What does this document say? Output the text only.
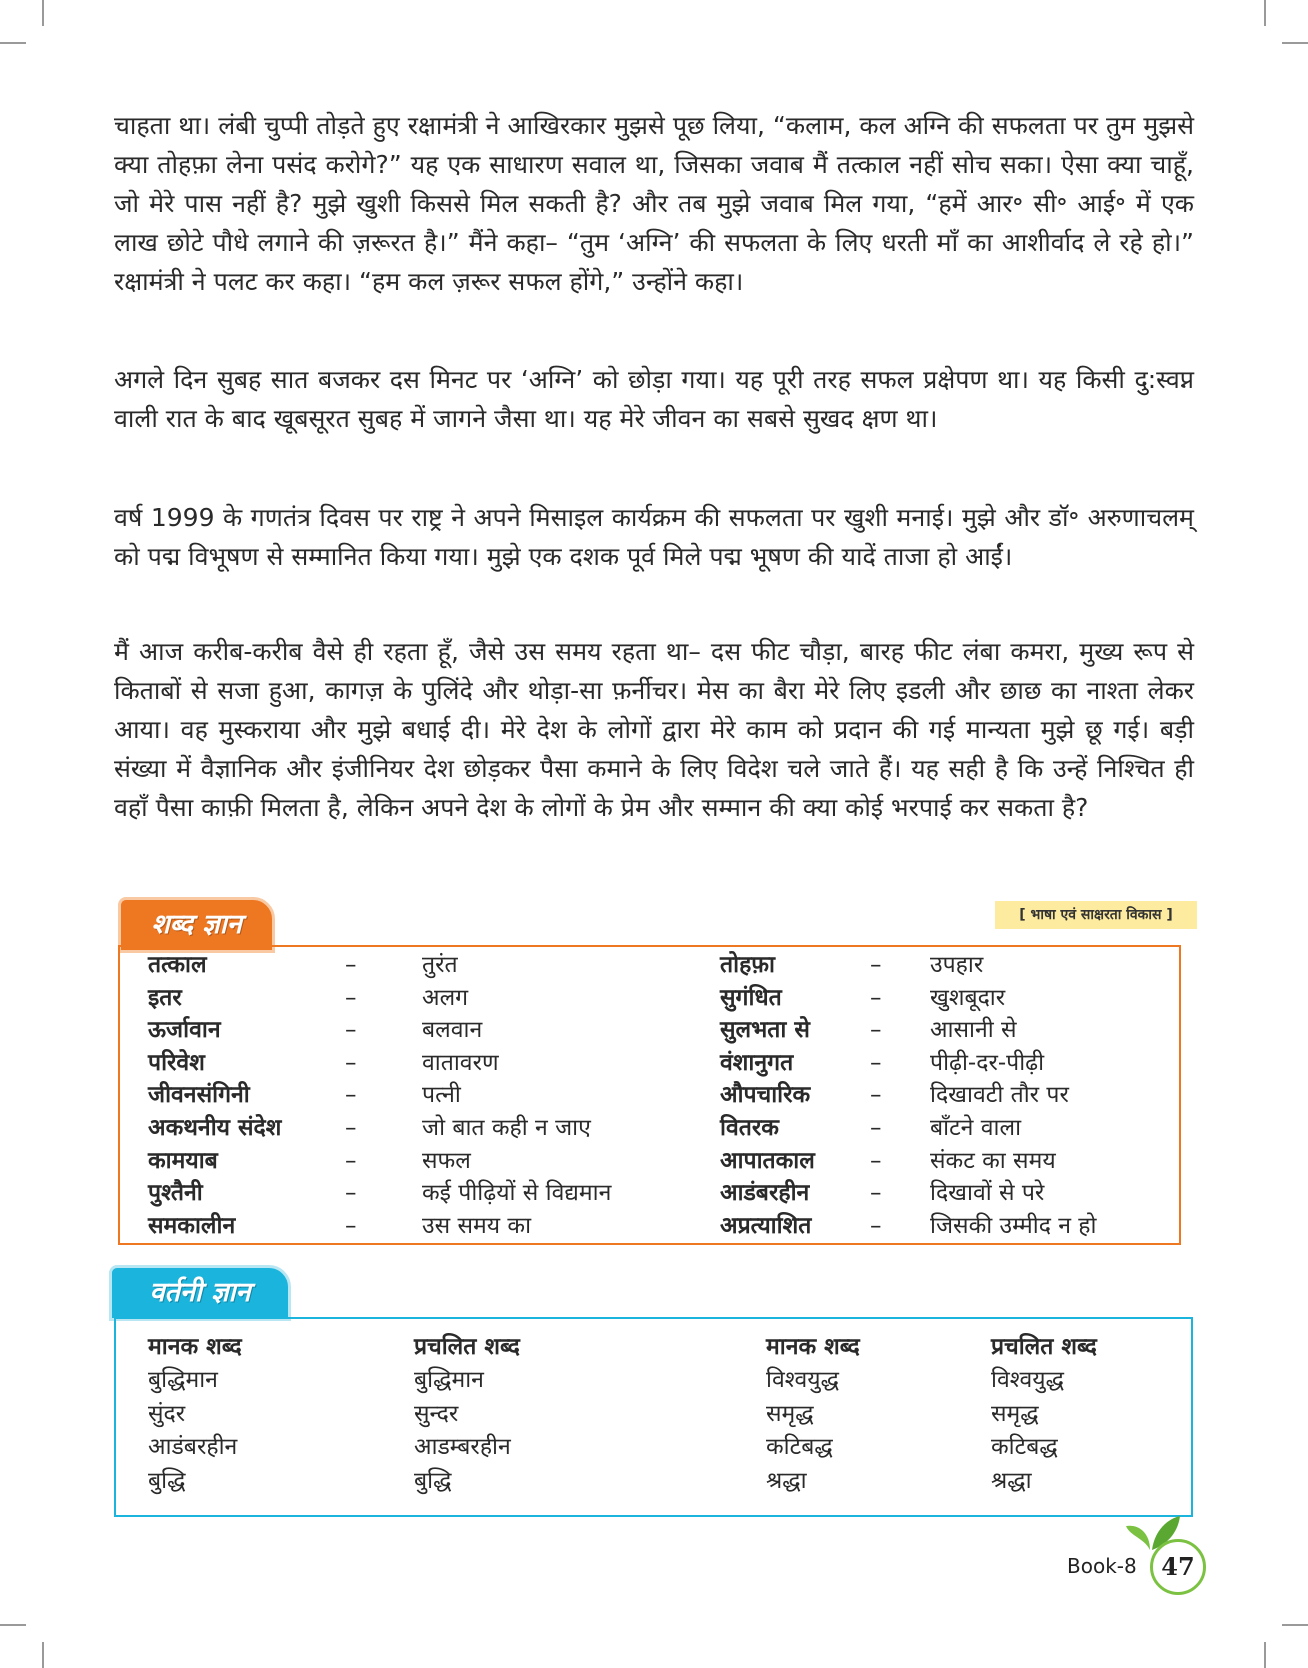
चाहता था। लंबी चुप्पी तोड़ते हुए रक्षामंत्री ने आखिरकार मुझसे पूछ लिया, “कलाम, कल अग्नि की सफलता पर तुम मुझसे क्या तोहफ़ा लेना पसंद करोगे?” यह एक साधारण सवाल था, जिसका जवाब मैं तत्काल नहीं सोच सका। ऐसा क्या चाहूँ, जो मेरे पास नहीं है? मुझे खुशी किससे मिल सकती है? और तब मुझे जवाब मिल गया, “हमें आर॰ सी॰ आई॰ में एक लाख छोटे पौधे लगाने की ज़रूरत है।” मैंने कहा– “तुम ‘अग्नि’ की सफलता के लिए धरती माँ का आशीर्वाद ले रहे हो।” रक्षामंत्री ने पलट कर कहा। “हम कल ज़रूर सफल होंगे,” उन्होंने कहा।

अगले दिन सुबह सात बजकर दस मिनट पर ‘अग्नि’ को छोड़ा गया। यह पूरी तरह सफल प्रक्षेपण था। यह किसी दु:स्वप्न वाली रात के बाद खूबसूरत सुबह में जागने जैसा था। यह मेरे जीवन का सबसे सुखद क्षण था।

वर्ष 1999 के गणतंत्र दिवस पर राष्ट्र ने अपने मिसाइल कार्यक्रम की सफलता पर खुशी मनाई। मुझे और डॉ॰ अरुणाचलम् को पद्म विभूषण से सम्मानित किया गया। मुझे एक दशक पूर्व मिले पद्म भूषण की यादें ताजा हो आईं।

मैं आज करीब-करीब वैसे ही रहता हूँ, जैसे उस समय रहता था– दस फीट चौड़ा, बारह फीट लंबा कमरा, मुख्य रूप से किताबों से सजा हुआ, कागज़ के पुलिंदे और थोड़ा-सा फ़र्नीचर। मेस का बैरा मेरे लिए इडली और छाछ का नाश्ता लेकर आया। वह मुस्कराया और मुझे बधाई दी। मेरे देश के लोगों द्वारा मेरे काम को प्रदान की गई मान्यता मुझे छू गई। बड़ी संख्या में वैज्ञानिक और इंजीनियर देश छोड़कर पैसा कमाने के लिए विदेश चले जाते हैं। यह सही है कि उन्हें निश्चित ही वहाँ पैसा काफ़ी मिलता है, लेकिन अपने देश के लोगों के प्रेम और सम्मान की क्या कोई भरपाई कर सकता है?

शब्द ज्ञान	[ भाषा एवं साक्षरता विकास ]
तत्काल	–	तुरंत	तोहफ़ा	– उपहार
इतर	–	अलग	सुगंधित	– खुशबूदार
ऊर्जावान	–	बलवान	सुलभता से	– आसानी से
परिवेश	–	वातावरण	वंशानुगत	– पीढ़ी-दर-पीढ़ी
जीवनसंगिनी	–	पत्नी	औपचारिक	– दिखावटी तौर पर
अकथनीय संदेश	–	जो बात कही न जाए	वितरक	– बाँटने वाला
कामयाब	–	सफल	आपातकाल – संकट का समय
पुश्तैनी	–	कई पीढ़ियों से विद्यमान	आडंबरहीन	– दिखावों से परे
समकालीन	–	उस समय का	अप्रत्याशित	– जिसकी उम्मीद न हो
वर्तनी ज्ञान
मानक शब्द	प्रचलित शब्द	मानक शब्द	प्रचलित शब्द
बुद्धिमान	बुद्धिमान	विश्वयुद्ध	विश्वयुद्ध
सुंदर	सुन्दर	समृद्ध	समृद्ध
आडंबरहीन	आडम्बरहीन	कटिबद्ध	कटिबद्ध
बुद्धि	बुद्धि	श्रद्धा	श्रद्धा
Book-8	47
